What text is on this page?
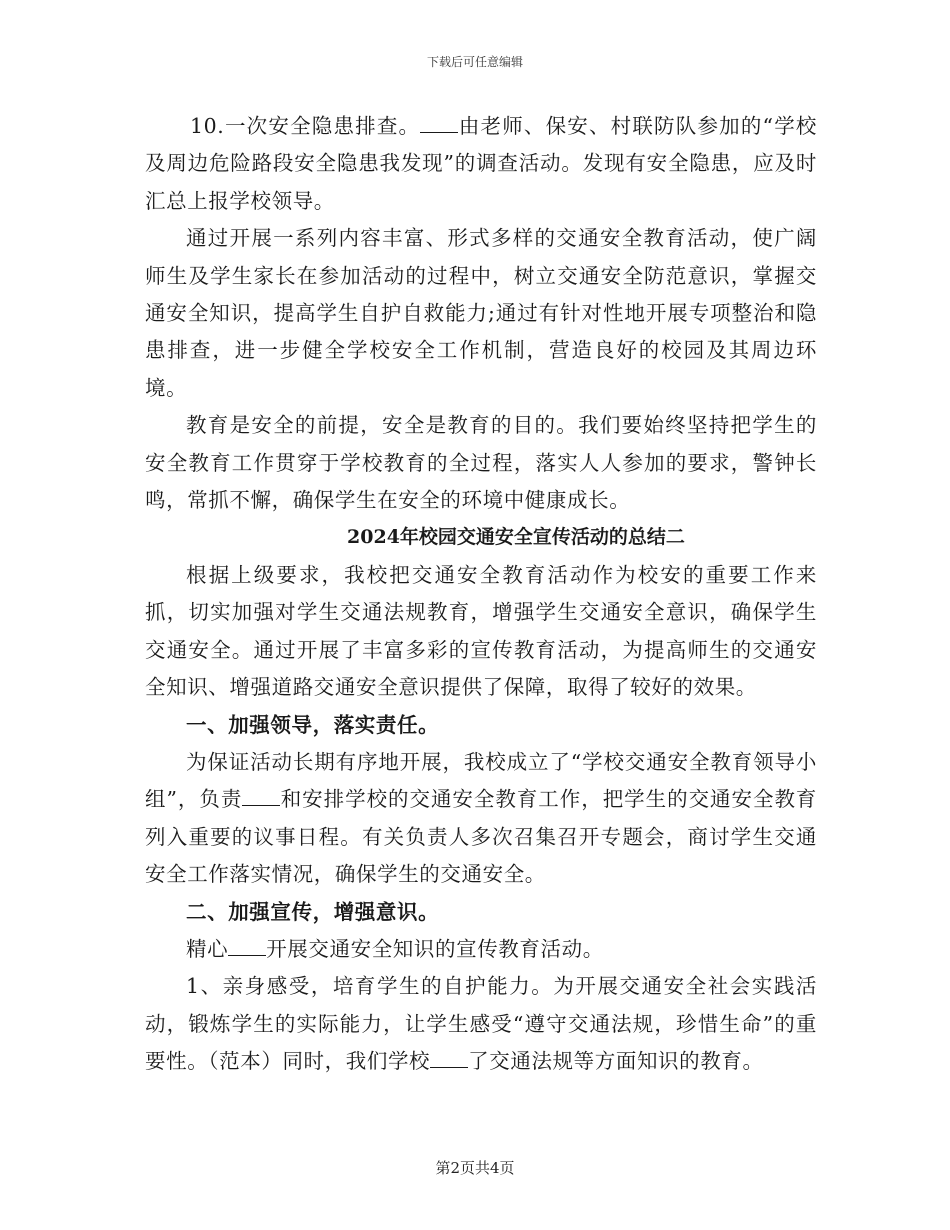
下载后可任意编辑

10.一次安全隐患排查。 由老师、保安、村联防队参加的“学校及周边危险路段安全隐患我发现”的调查活动。发现有安全隐患，应及时汇总上报学校领导。

通过开展一系列内容丰富、形式多样的交通安全教育活动，使广阔师生及学生家长在参加活动的过程中，树立交通安全防范意识，掌握交通安全知识，提高学生自护自救能力;通过有针对性地开展专项整治和隐患排查，进一步健全学校安全工作机制，营造良好的校园及其周边环境。

教育是安全的前提，安全是教育的目的。我们要始终坚持把学生的安全教育工作贯穿于学校教育的全过程，落实人人参加的要求，警钟长鸣，常抓不懈，确保学生在安全的环境中健康成长。

2024年校园交通安全宣传活动的总结二

根据上级要求，我校把交通安全教育活动作为校安的重要工作来抓，切实加强对学生交通法规教育，增强学生交通安全意识，确保学生交通安全。通过开展了丰富多彩的宣传教育活动，为提高师生的交通安全知识、增强道路交通安全意识提供了保障，取得了较好的效果。

一、加强领导，落实责任。

为保证活动长期有序地开展，我校成立了“学校交通安全教育领导小组”，负责 和安排学校的交通安全教育工作，把学生的交通安全教育列入重要的议事日程。有关负责人多次召集召开专题会，商讨学生交通安全工作落实情况，确保学生的交通安全。

二、加强宣传，增强意识。

精心 开展交通安全知识的宣传教育活动。

1、亲身感受，培育学生的自护能力。为开展交通安全社会实践活动，锻炼学生的实际能力，让学生感受“遵守交通法规，珍惜生命”的重要性。（范本）同时，我们学校 了交通法规等方面知识的教育。

第2页共4页
